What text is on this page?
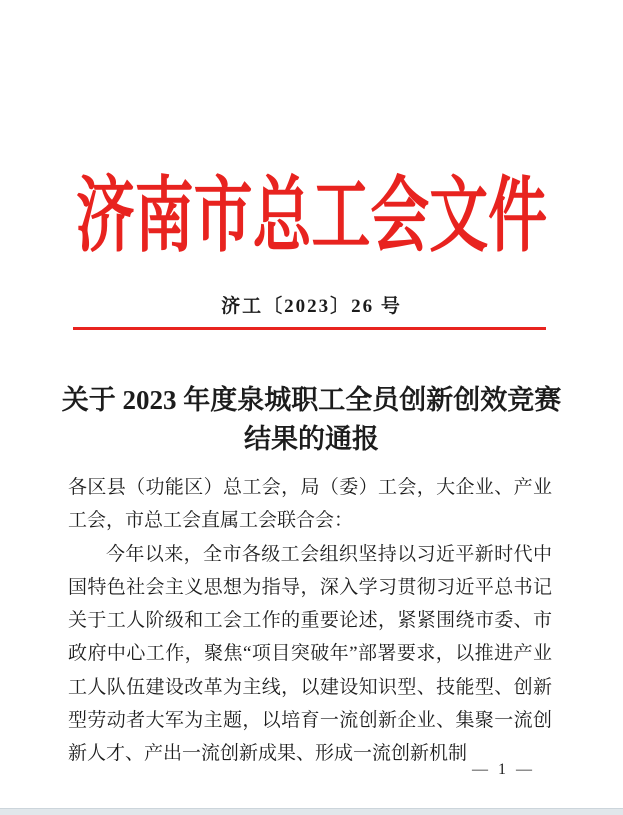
济南市总工会文件
济工〔2023〕26 号
关于 2023 年度泉城职工全员创新创效竞赛
结果的通报

各区县（功能区）总工会，局（委）工会，大企业、产业工会，市总工会直属工会联合会：

今年以来，全市各级工会组织坚持以习近平新时代中国特色社会主义思想为指导，深入学习贯彻习近平总书记关于工人阶级和工会工作的重要论述，紧紧围绕市委、市政府中心工作，聚焦“项目突破年”部署要求，以推进产业工人队伍建设改革为主线，以建设知识型、技能型、创新型劳动者大军为主题，以培育一流创新企业、集聚一流创新人才、产出一流创新成果、形成一流创新机制

— 1 —
